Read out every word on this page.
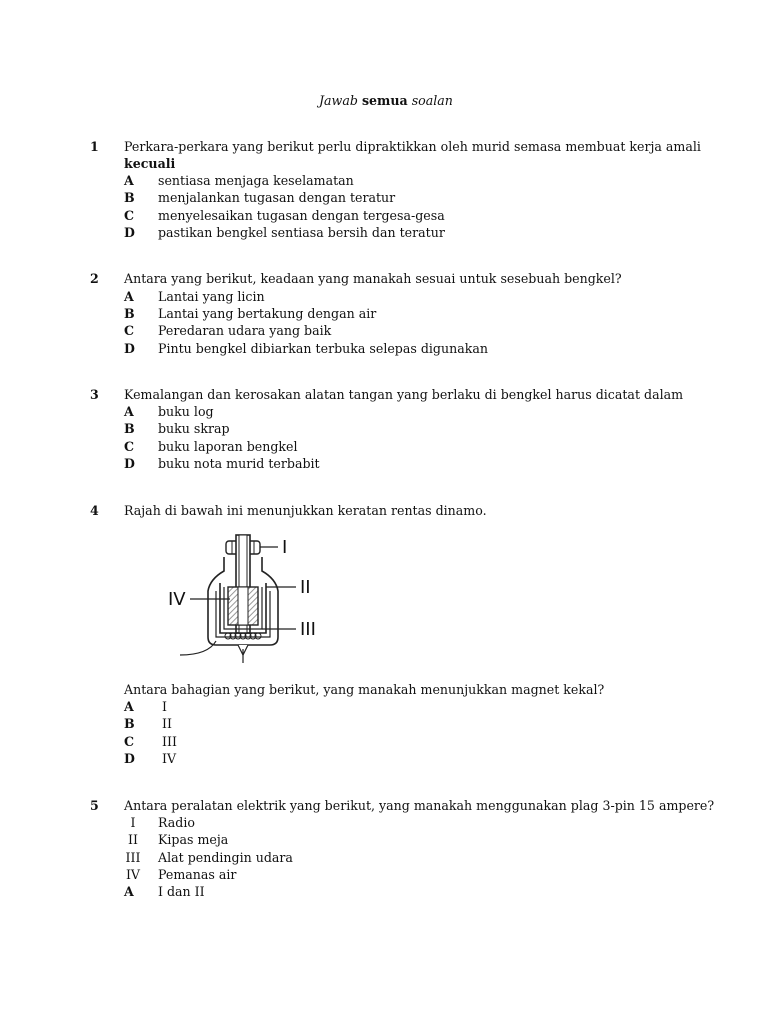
Jawab semua soalan
1 Perkara-perkara yang berikut perlu dipraktikkan oleh murid semasa membuat kerja amali
kecuali
A sentiasa menjaga keselamatan
B menjalankan tugasan dengan teratur
C menyelesaikan tugasan dengan tergesa-gesa
D pastikan bengkel sentiasa bersih dan teratur
2 Antara yang berikut, keadaan yang manakah sesuai untuk sesebuah bengkel?
A Lantai yang licin
B Lantai yang bertakung dengan air
C Peredaran udara yang baik
D Pintu bengkel dibiarkan terbuka selepas digunakan
3 Kemalangan dan kerosakan alatan tangan yang berlaku di bengkel harus dicatat dalam
A buku log
B buku skrap
C buku laporan bengkel
D buku nota murid terbabit
4 Rajah di bawah ini menunjukkan keratan rentas dinamo.
I
II
III
IV
Antara bahagian yang berikut, yang manakah menunjukkan magnet kekal?
A I
B II
C III
D IV
5 Antara peralatan elektrik yang berikut, yang manakah menggunakan plag 3-pin 15 ampere?
I	Radio
II	Kipas meja
III	Alat pendingin udara
IV	Pemanas air
A I dan II
